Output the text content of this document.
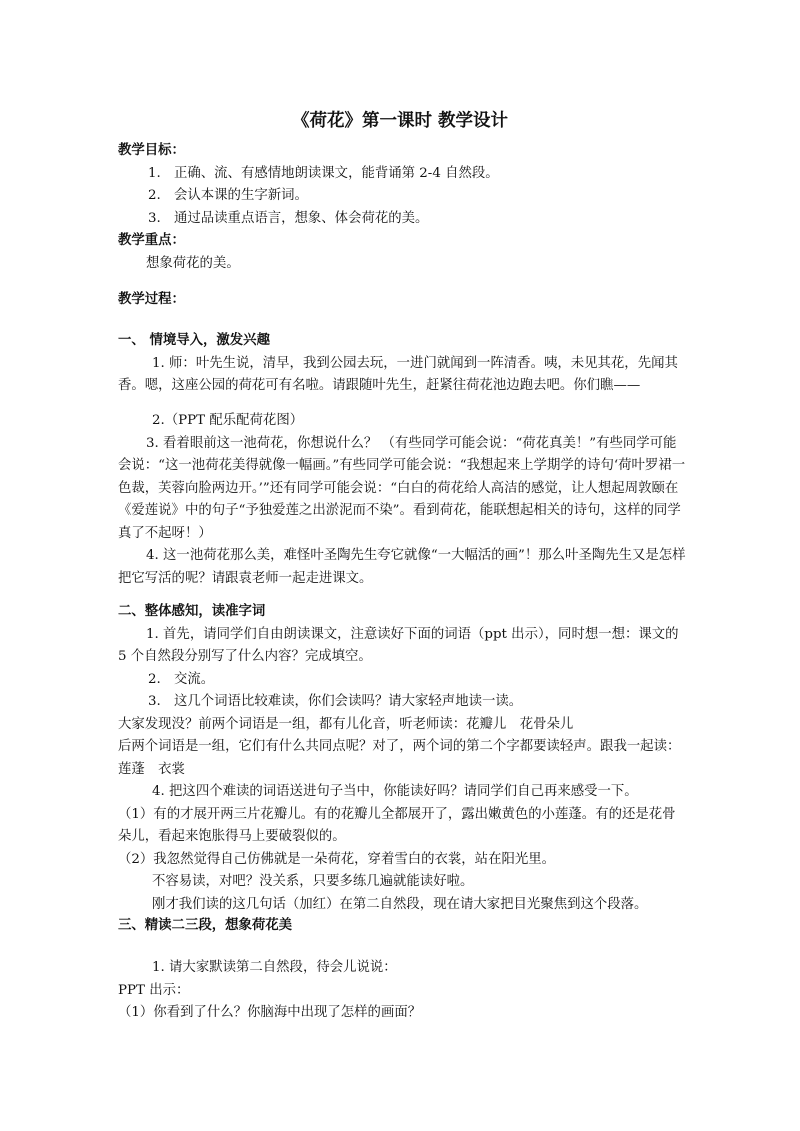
《荷花》第一课时 教学设计

教学目标：

1. 正确、流、有感情地朗读课文，能背诵第 2-4 自然段。

2. 会认本课的生字新词。

3. 通过品读重点语言，想象、体会荷花的美。

教学重点：

想象荷花的美。

教学过程：

一、 情境导入，激发兴趣

1. 师：叶先生说，清早，我到公园去玩，一进门就闻到一阵清香。咦，未见其花，先闻其香。嗯，这座公园的荷花可有名啦。请跟随叶先生，赶紧往荷花池边跑去吧。你们瞧——

2.（PPT 配乐配荷花图）

3. 看着眼前这一池荷花，你想说什么？ （有些同学可能会说：“荷花真美！”有些同学可能会说：“这一池荷花美得就像一幅画。”有些同学可能会说：“我想起来上学期学的诗句‘荷叶罗裙一色裁，芙蓉向脸两边开。’”还有同学可能会说：“白白的荷花给人高洁的感觉，让人想起周敦颐在《爱莲说》中的句子“予独爱莲之出淤泥而不染”。看到荷花，能联想起相关的诗句，这样的同学真了不起呀！）

4. 这一池荷花那么美，难怪叶圣陶先生夸它就像“一大幅活的画”！那么叶圣陶先生又是怎样把它写活的呢？请跟袁老师一起走进课文。

二、整体感知，读准字词

1. 首先，请同学们自由朗读课文，注意读好下面的词语（ppt 出示），同时想一想：课文的 5 个自然段分别写了什么内容？完成填空。

2. 交流。

3. 这几个词语比较难读，你们会读吗？请大家轻声地读一读。

大家发现没？前两个词语是一组，都有儿化音，听老师读：花瓣儿　花骨朵儿

后两个词语是一组，它们有什么共同点呢？对了，两个词的第二个字都要读轻声。跟我一起读：莲蓬　衣裳

4. 把这四个难读的词语送进句子当中，你能读好吗？请同学们自己再来感受一下。

（1）有的才展开两三片花瓣儿。有的花瓣儿全都展开了，露出嫩黄色的小莲蓬。有的还是花骨朵儿，看起来饱胀得马上要破裂似的。

（2）我忽然觉得自己仿佛就是一朵荷花，穿着雪白的衣裳，站在阳光里。

不容易读，对吧？没关系，只要多练几遍就能读好啦。

刚才我们读的这几句话（加红）在第二自然段，现在请大家把目光聚焦到这个段落。

三、精读二三段，想象荷花美

1. 请大家默读第二自然段，待会儿说说：

PPT 出示：

（1）你看到了什么？你脑海中出现了怎样的画面？
